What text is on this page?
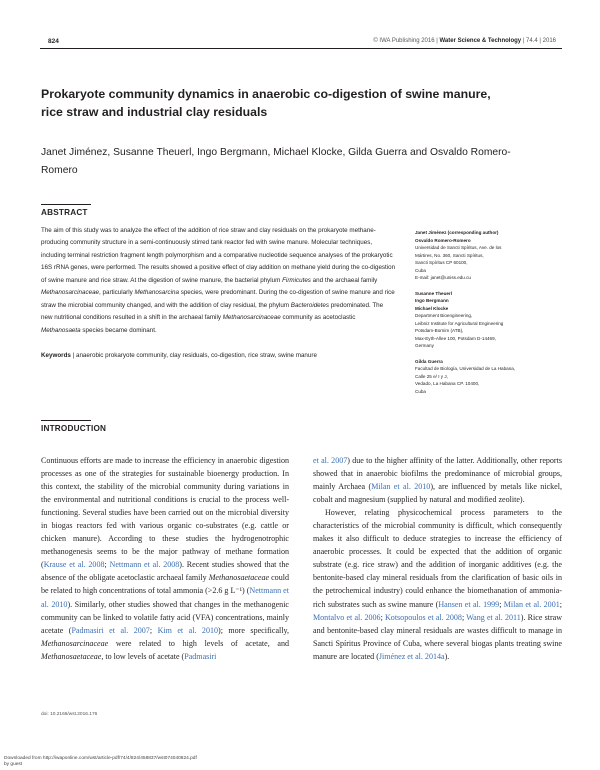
824	© IWA Publishing 2016 | Water Science & Technology | 74.4 | 2016
Prokaryote community dynamics in anaerobic co-digestion of swine manure, rice straw and industrial clay residuals
Janet Jiménez, Susanne Theuerl, Ingo Bergmann, Michael Klocke, Gilda Guerra and Osvaldo Romero-Romero
ABSTRACT
The aim of this study was to analyze the effect of the addition of rice straw and clay residuals on the prokaryote methane-producing community structure in a semi-continuously stirred tank reactor fed with swine manure. Molecular techniques, including terminal restriction fragment length polymorphism and a comparative nucleotide sequence analyses of the prokaryotic 16S rRNA genes, were performed. The results showed a positive effect of clay addition on methane yield during the co-digestion of swine manure and rice straw. At the digestion of swine manure, the bacterial phylum Firmicutes and the archaeal family Methanosarcinaceae, particularly Methanosarcina species, were predominant. During the co-digestion of swine manure and rice straw the microbial community changed, and with the addition of clay residual, the phylum Bacteroidetes predominated. The new nutritional conditions resulted in a shift in the archaeal family Methanosarcinaceae community as acetoclastic Methanosaeta species became dominant.
Keywords | anaerobic prokaryote community, clay residuals, co-digestion, rice straw, swine manure
Janet Jiménez (corresponding author)
Osvaldo Romero-Romero
Universidad de Sancti Spíritus, Ave. de los
Mártires, No. 360, Sancti Spíritus,
Sancti Spíritus CP 60100,
Cuba
E-mail: janet@uniss.edu.cu
Susanne Theuerl
Ingo Bergmann
Michael Klocke
Department Bioengineering,
Leibniz Institute for Agricultural Engineering
Potsdam-Bornim (ATB),
Max-Eyth-Allee 100, Potsdam D-14469,
Germany
Gilda Guerra
Facultad de Biología, Universidad de La Habana,
Calle 25 e/ I y J,
Vedado, La Habana CP. 10400,
Cuba
INTRODUCTION

Continuous efforts are made to increase the efficiency in anaerobic digestion processes as one of the strategies for sustainable bioenergy production. In this context, the stability of the microbial community during variations in the environmental and nutritional conditions is crucial to the process well-functioning. Several studies have been carried out on the microbial diversity in biogas reactors fed with various organic co-substrates (e.g. cattle or chicken manure). According to these studies the hydrogenotrophic methanogenesis seems to be the major pathway of methane formation (Krause et al. 2008; Nettmann et al. 2008). Recent studies showed that the absence of the obligate acetoclastic archaeal family Methanosaetaceae could be related to high concentrations of total ammonia (>2.6 g L⁻¹) (Nettmann et al. 2010). Similarly, other studies showed that changes in the methanogenic community can be linked to volatile fatty acid (VFA) concentrations, mainly acetate (Padmasiri et al. 2007; Kim et al. 2010); more specifically, Methanosarcinaceae were related to high levels of acetate, and Methanosaetaceae, to low levels of acetate (Padmasiri

et al. 2007) due to the higher affinity of the latter. Additionally, other reports showed that in anaerobic biofilms the predominance of microbial groups, mainly Archaea (Milan et al. 2010), are influenced by metals like nickel, cobalt and magnesium (supplied by natural and modified zeolite).

However, relating physicochemical process parameters to the characteristics of the microbial community is difficult, which consequently makes it also difficult to deduce strategies to increase the efficiency of anaerobic processes. It could be expected that the addition of organic substrate (e.g. rice straw) and the addition of inorganic additives (e.g. the bentonite-based clay mineral residuals from the clarification of basic oils in the petrochemical industry) could enhance the biomethanation of ammonia-rich substrates such as swine manure (Hansen et al. 1999; Milan et al. 2001; Montalvo et al. 2006; Kotsopoulos et al. 2008; Wang et al. 2011). Rice straw and bentonite-based clay mineral residuals are wastes difficult to manage in Sancti Spíritus Province of Cuba, where several biogas plants treating swine manure are located (Jiménez et al. 2014a).

doi: 10.2166/wst.2016.176
Downloaded from http://iwaponline.com/wst/article-pdf/74/4/824/458837/wst074040824.pdf
by guest
